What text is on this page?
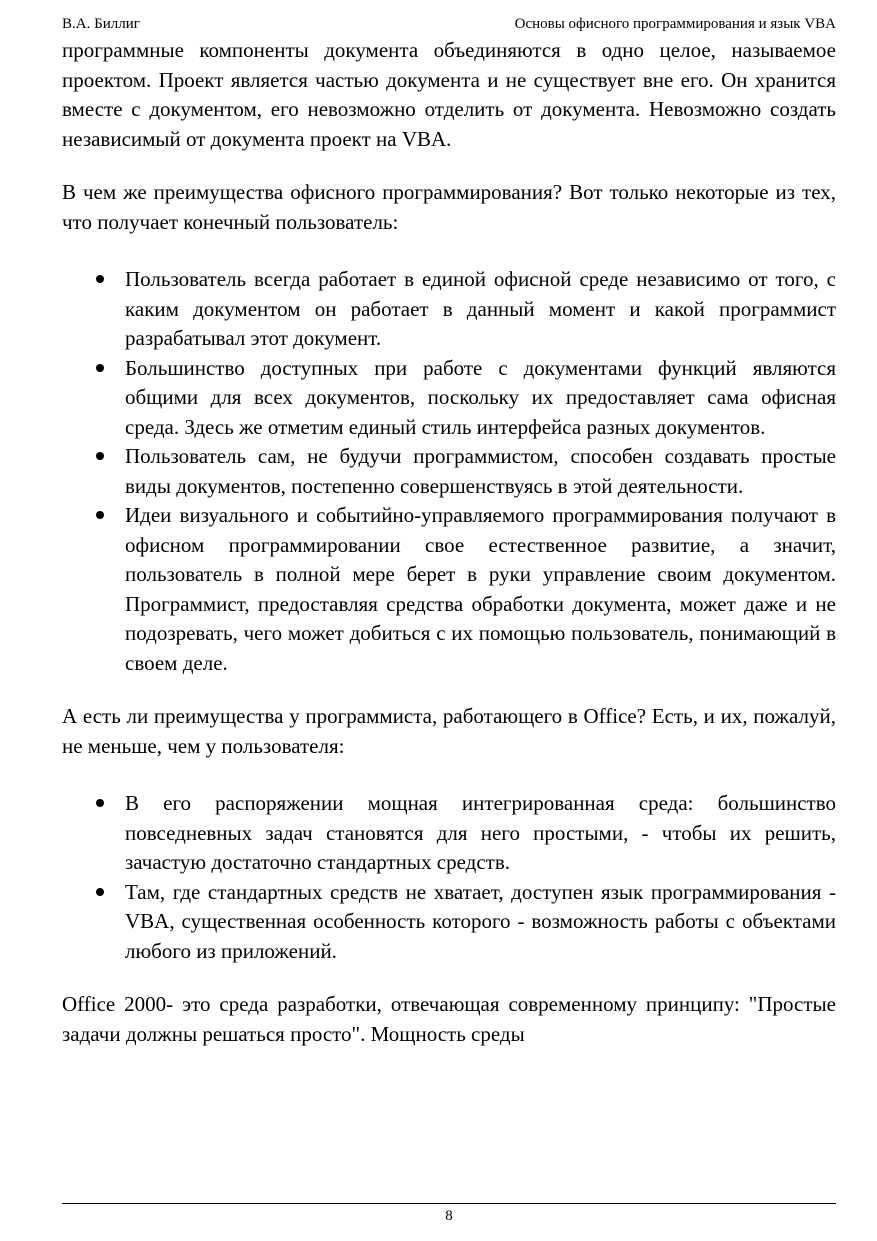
В.А. Биллиг	Основы офисного программирования и язык VBA

программные компоненты документа объединяются в одно целое, называемое проектом. Проект является частью документа и не существует вне его. Он хранится вместе с документом, его невозможно отделить от документа. Невозможно создать независимый от документа проект на VBA.

В чем же преимущества офисного программирования? Вот только некоторые из тех, что получает конечный пользователь:

Пользователь всегда работает в единой офисной среде независимо от того, с каким документом он работает в данный момент и какой программист разрабатывал этот документ.
Большинство доступных при работе с документами функций являются общими для всех документов, поскольку их предоставляет сама офисная среда. Здесь же отметим единый стиль интерфейса разных документов.
Пользователь сам, не будучи программистом, способен создавать простые виды документов, постепенно совершенствуясь в этой деятельности.
Идеи визуального и событийно-управляемого программирования получают в офисном программировании свое естественное развитие, а значит, пользователь в полной мере берет в руки управление своим документом. Программист, предоставляя средства обработки документа, может даже и не подозревать, чего может добиться с их помощью пользователь, понимающий в своем деле.

А есть ли преимущества у программиста, работающего в Office? Есть, и их, пожалуй, не меньше, чем у пользователя:

В его распоряжении мощная интегрированная среда: большинство повседневных задач становятся для него простыми, - чтобы их решить, зачастую достаточно стандартных средств.
Там, где стандартных средств не хватает, доступен язык программирования - VBA, существенная особенность которого - возможность работы с объектами любого из приложений.

Office 2000- это среда разработки, отвечающая современному принципу: "Простые задачи должны решаться просто". Мощность среды

8
